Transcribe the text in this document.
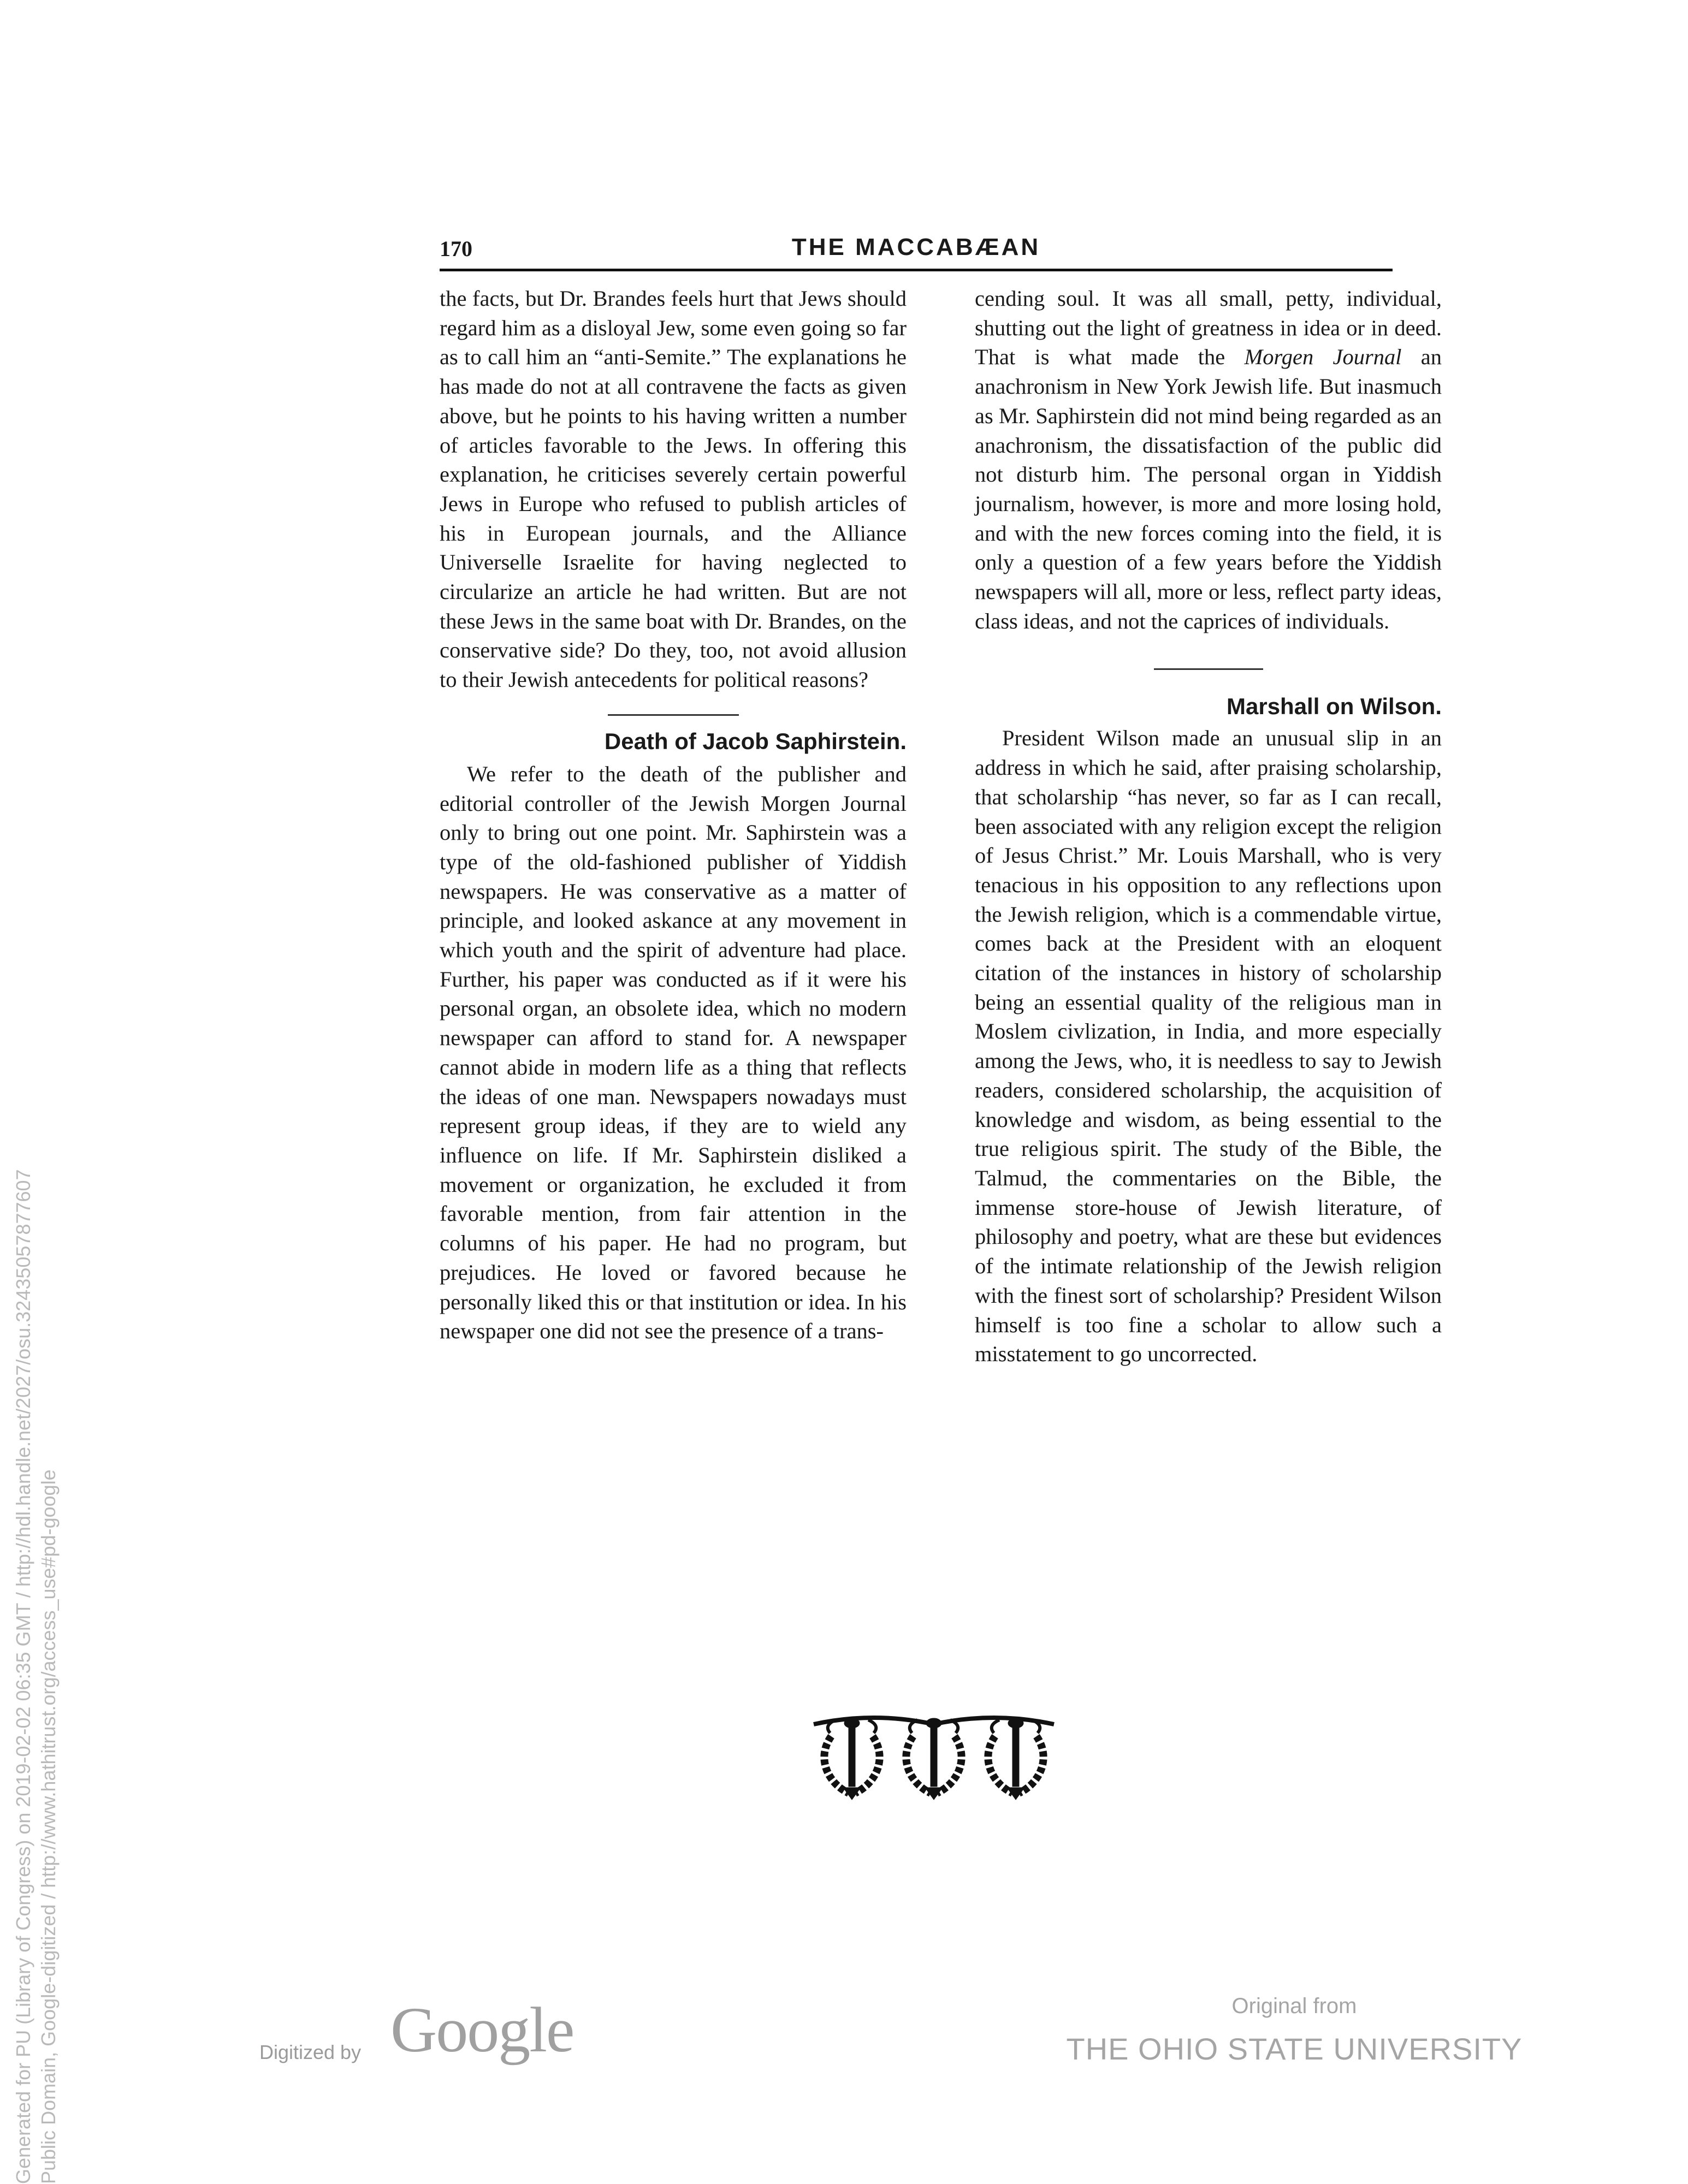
170	THE MACCABÆAN

the facts, but Dr. Brandes feels hurt that Jews should regard him as a disloyal Jew, some even going so far as to call him an “anti-Semite.” The explanations he has made do not at all contravene the facts as given above, but he points to his having written a number of articles favorable to the Jews. In offering this explanation, he criticises severely certain powerful Jews in Europe who refused to publish articles of his in European journals, and the Alliance Universelle Israelite for having neglected to circularize an article he had written. But are not these Jews in the same boat with Dr. Brandes, on the conservative side? Do they, too, not avoid allusion to their Jewish antecedents for political reasons?

Death of Jacob Saphirstein.

We refer to the death of the publisher and editorial controller of the Jewish Morgen Journal only to bring out one point. Mr. Saphirstein was a type of the old-fashioned publisher of Yiddish newspapers. He was conservative as a matter of principle, and looked askance at any movement in which youth and the spirit of adventure had place. Further, his paper was conducted as if it were his personal organ, an obsolete idea, which no modern newspaper can afford to stand for. A newspaper cannot abide in modern life as a thing that reflects the ideas of one man. Newspapers nowadays must represent group ideas, if they are to wield any influence on life. If Mr. Saphirstein disliked a movement or organization, he excluded it from favorable mention, from fair attention in the columns of his paper. He had no program, but prejudices. He loved or favored because he personally liked this or that institution or idea. In his newspaper one did not see the presence of a trans-

cending soul. It was all small, petty, individual, shutting out the light of greatness in idea or in deed. That is what made the Morgen Journal an anachronism in New York Jewish life. But inasmuch as Mr. Saphirstein did not mind being regarded as an anachronism, the dissatisfaction of the public did not disturb him. The personal organ in Yiddish journalism, however, is more and more losing hold, and with the new forces coming into the field, it is only a question of a few years before the Yiddish newspapers will all, more or less, reflect party ideas, class ideas, and not the caprices of individuals.

Marshall on Wilson.

President Wilson made an unusual slip in an address in which he said, after praising scholarship, that scholarship “has never, so far as I can recall, been associated with any religion except the religion of Jesus Christ.” Mr. Louis Marshall, who is very tenacious in his opposition to any reflections upon the Jewish religion, which is a commendable virtue, comes back at the President with an eloquent citation of the instances in history of scholarship being an essential quality of the religious man in Moslem civlization, in India, and more especially among the Jews, who, it is needless to say to Jewish readers, considered scholarship, the acquisition of knowledge and wisdom, as being essential to the true religious spirit. The study of the Bible, the Talmud, the commentaries on the Bible, the immense store-house of Jewish literature, of philosophy and poetry, what are these but evidences of the intimate relationship of the Jewish religion with the finest sort of scholarship? President Wilson himself is too fine a scholar to allow such a misstatement to go uncorrected.

Generated for PU (Library of Congress) on 2019-02-02 06:35 GMT / http://hdl.handle.net/2027/osu.32435057877607 Public Domain, Google-digitized / http://www.hathitrust.org/access_use#pd-google	Digitized by Google	Original from
THE OHIO STATE UNIVERSITY
